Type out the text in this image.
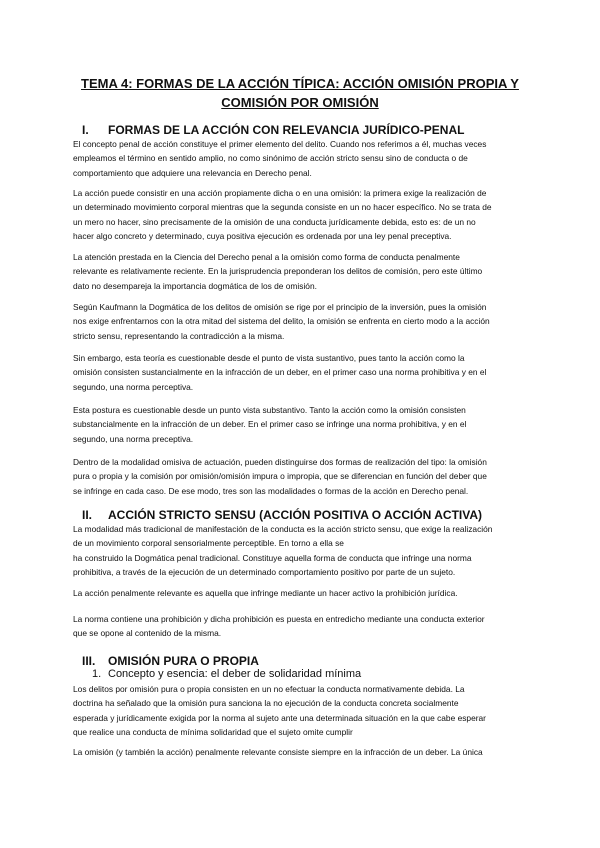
TEMA 4: FORMAS DE LA ACCIÓN TÍPICA: ACCIÓN OMISIÓN PROPIA Y COMISIÓN POR OMISIÓN
I. FORMAS DE LA ACCIÓN CON RELEVANCIA JURÍDICO-PENAL
El concepto penal de acción constituye el primer elemento del delito. Cuando nos referimos a él, muchas veces
empleamos el término en sentido amplio, no como sinónimo de acción stricto sensu sino de conducta o de
comportamiento que adquiere una relevancia en Derecho penal.
La acción puede consistir en una acción propiamente dicha o en una omisión: la primera exige la realización de
un determinado movimiento corporal mientras que la segunda consiste en un no hacer específico. No se trata de
un mero no hacer, sino precisamente de la omisión de una conducta jurídicamente debida, esto es: de un no
hacer algo concreto y determinado, cuya positiva ejecución es ordenada por una ley penal preceptiva.
La atención prestada en la Ciencia del Derecho penal a la omisión como forma de conducta penalmente
relevante es relativamente reciente. En la jurisprudencia preponderan los delitos de comisión, pero este último
dato no desempareja la importancia dogmática de los de omisión.
Según Kaufmann la Dogmática de los delitos de omisión se rige por el principio de la inversión, pues la omisión
nos exige enfrentarnos con la otra mitad del sistema del delito, la omisión se enfrenta en cierto modo a la acción
stricto sensu, representando la contradicción a la misma.
Sin embargo, esta teoría es cuestionable desde el punto de vista sustantivo, pues tanto la acción como la
omisión consisten sustancialmente en la infracción de un deber, en el primer caso una norma prohibitiva y en el
segundo, una norma perceptiva.
Esta postura es cuestionable desde un punto vista substantivo. Tanto la acción como la omisión consisten
substancialmente en la infracción de un deber. En el primer caso se infringe una norma prohibitiva, y en el
segundo, una norma preceptiva.
Dentro de la modalidad omisiva de actuación, pueden distinguirse dos formas de realización del tipo: la omisión
pura o propia y la comisión por omisión/omisión impura o impropia, que se diferencian en función del deber que
se infringe en cada caso. De ese modo, tres son las modalidades o formas de la acción en Derecho penal.
II. ACCIÓN STRICTO SENSU (ACCIÓN POSITIVA O ACCIÓN ACTIVA)
La modalidad más tradicional de manifestación de la conducta es la acción stricto sensu, que exige la realización
de un movimiento corporal sensorialmente perceptible. En torno a ella se
ha construido la Dogmática penal tradicional. Constituye aquella forma de conducta que infringe una norma
prohibitiva, a través de la ejecución de un determinado comportamiento positivo por parte de un sujeto.
La acción penalmente relevante es aquella que infringe mediante un hacer activo la prohibición jurídica.
La norma contiene una prohibición y dicha prohibición es puesta en entredicho mediante una conducta exterior
que se opone al contenido de la misma.
III. OMISIÓN PURA O PROPIA
1. Concepto y esencia: el deber de solidaridad mínima
Los delitos por omisión pura o propia consisten en un no efectuar la conducta normativamente debida. La
doctrina ha señalado que la omisión pura sanciona la no ejecución de la conducta concreta socialmente
esperada y jurídicamente exigida por la norma al sujeto ante una determinada situación en la que cabe esperar
que realice una conducta de mínima solidaridad que el sujeto omite cumplir
La omisión (y también la acción) penalmente relevante consiste siempre en la infracción de un deber. La única
